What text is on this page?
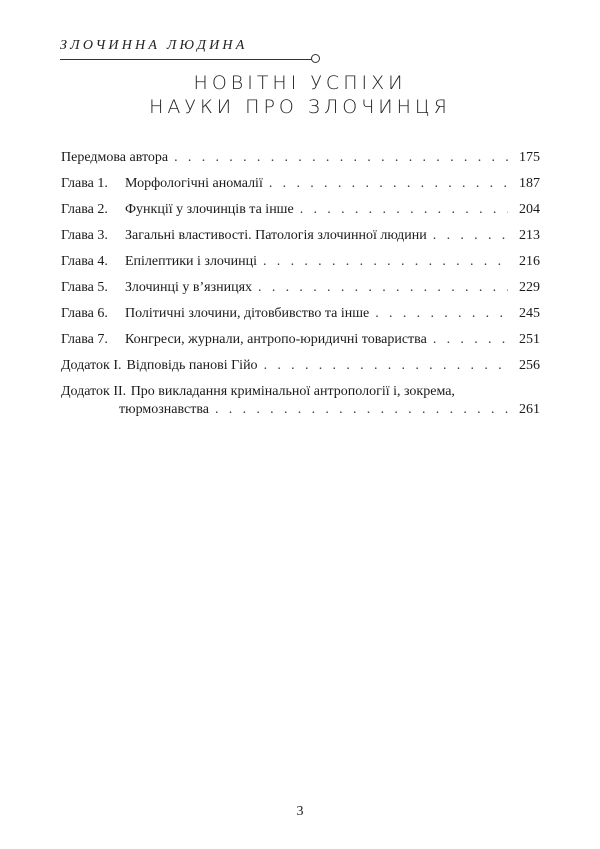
ЗЛОЧИННА ЛЮДИНА
НОВІТНІ УСПІХИ
НАУКИ ПРО ЗЛОЧИНЦЯ
Передмова автора . . .	175
Глава 1.	Морфологічні аномалії . . .	187
Глава 2.	Функції у злочинців та інше . . .	204
Глава 3.	Загальні властивості. Патологія злочинної людини . . .	213
Глава 4.	Епілептики і злочинці . . .	216
Глава 5.	Злочинці у в’язницях . . .	229
Глава 6.	Політичні злочини, дітовбивство та інше . . .	245
Глава 7.	Конгреси, журнали, антропо-юридичні товариства . . .	251
Додаток I. Відповідь панові Гійо . . .	256
Додаток II. Про викладання кримінальної антропології і, зокрема,
тюрмознавства . . .	261
3
